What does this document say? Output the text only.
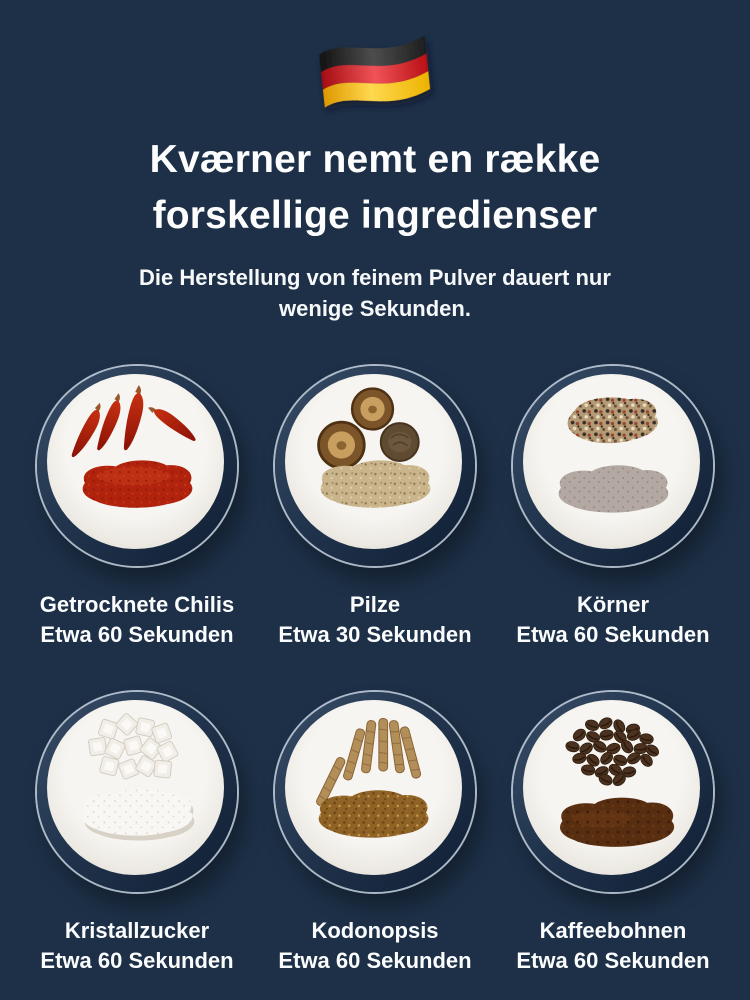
Kværner nemt en række
forskellige ingredienser

Die Herstellung von feinem Pulver dauert nur
wenige Sekunden.

Getrocknete Chilis
Etwa 60 Sekunden
Pilze
Etwa 30 Sekunden
Körner
Etwa 60 Sekunden
Kristallzucker
Etwa 60 Sekunden
Kodonopsis
Etwa 60 Sekunden
Kaffeebohnen
Etwa 60 Sekunden
